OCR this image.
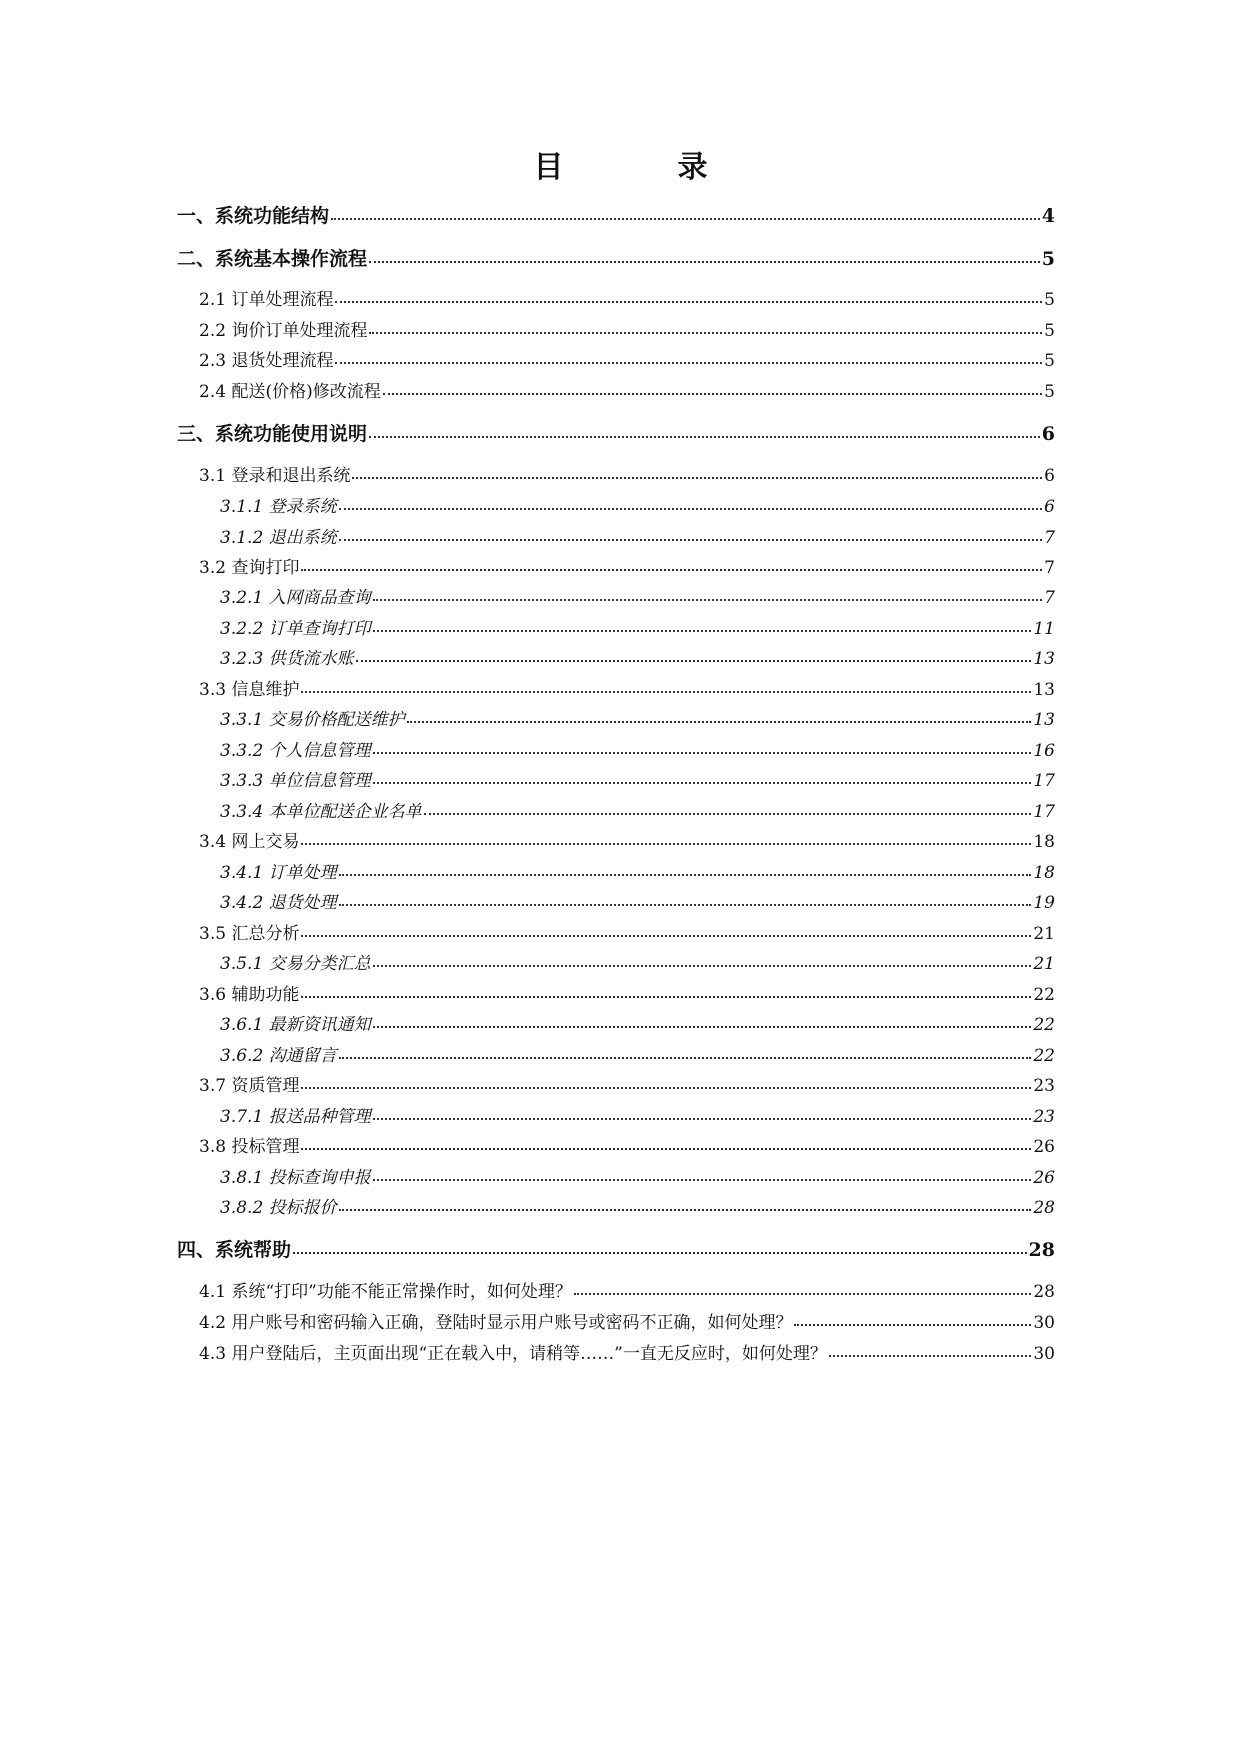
目　录
一、系统功能结构	4
二、系统基本操作流程	5
2.1 订单处理流程	5
2.2 询价订单处理流程	5
2.3 退货处理流程	5
2.4 配送(价格)修改流程	5
三、系统功能使用说明	6
3.1 登录和退出系统	6
3.1.1 登录系统	6
3.1.2 退出系统	7
3.2 查询打印	7
3.2.1 入网商品查询	7
3.2.2 订单查询打印	11
3.2.3 供货流水账	13
3.3 信息维护	13
3.3.1 交易价格配送维护	13
3.3.2 个人信息管理	16
3.3.3 单位信息管理	17
3.3.4 本单位配送企业名单	17
3.4 网上交易	18
3.4.1 订单处理	18
3.4.2 退货处理	19
3.5 汇总分析	21
3.5.1 交易分类汇总	21
3.6 辅助功能	22
3.6.1 最新资讯通知	22
3.6.2 沟通留言	22
3.7 资质管理	23
3.7.1 报送品种管理	23
3.8 投标管理	26
3.8.1 投标查询申报	26
3.8.2 投标报价	28
四、系统帮助	28
4.1 系统“打印”功能不能正常操作时，如何处理？	28
4.2 用户账号和密码输入正确，登陆时显示用户账号或密码不正确，如何处理？	30
4.3 用户登陆后，主页面出现“正在载入中，请稍等……”一直无反应时，如何处理？	30
